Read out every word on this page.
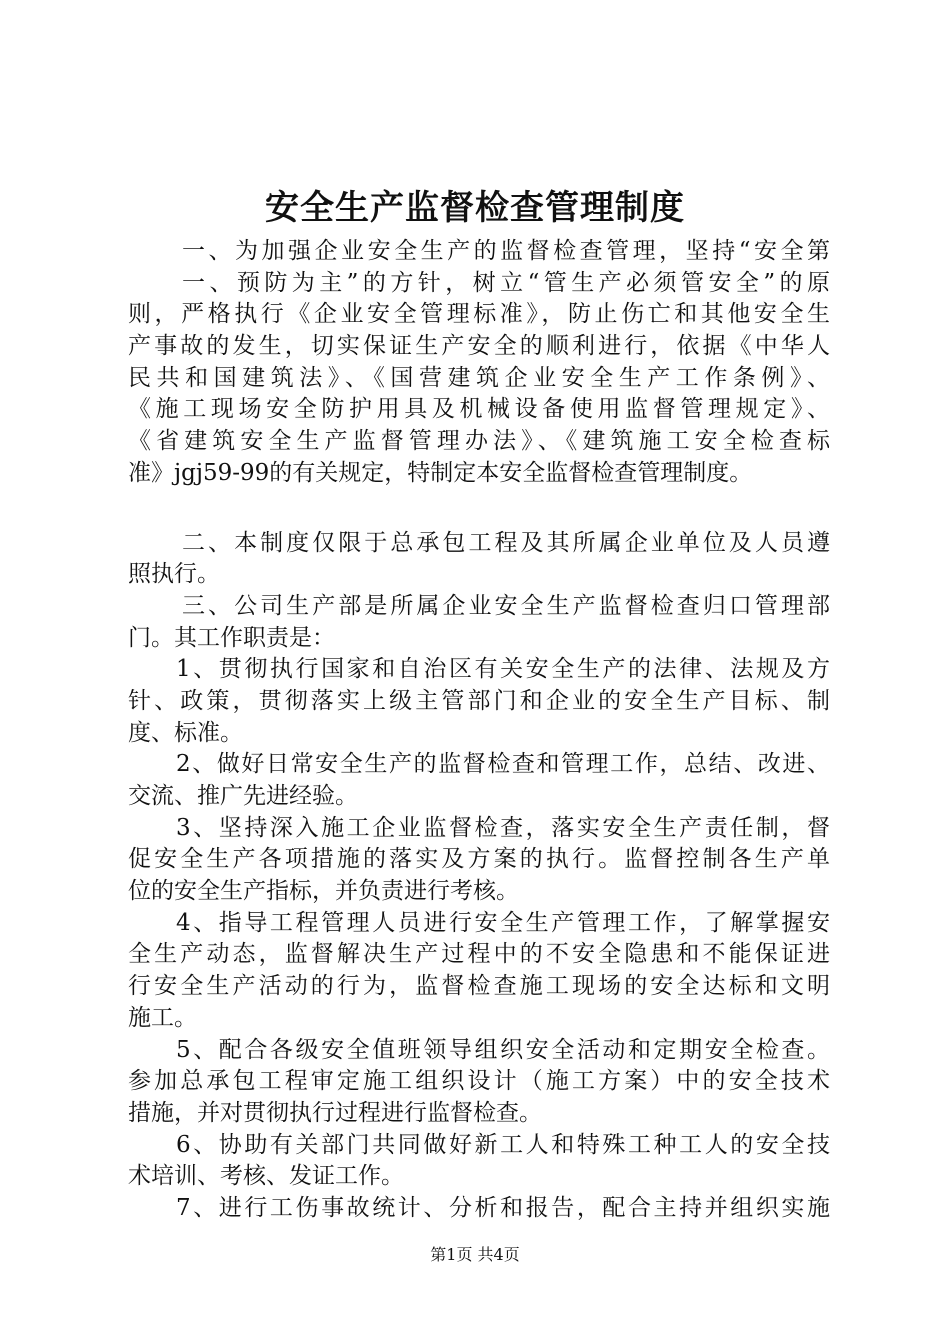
安全生产监督检查管理制度
一、为加强企业安全生产的监督检查管理，坚持“安全第
一、预防为主”的方针，树立“管生产必须管安全”的原
则，严格执行《企业安全管理标准》，防止伤亡和其他安全生
产事故的发生，切实保证生产安全的顺利进行，依据《中华人
民共和国建筑法》、《国营建筑企业安全生产工作条例》、
《施工现场安全防护用具及机械设备使用监督管理规定》、
《省建筑安全生产监督管理办法》、《建筑施工安全检查标
准》jgj59-99的有关规定，特制定本安全监督检查管理制度。
二、本制度仅限于总承包工程及其所属企业单位及人员遵
照执行。
三、公司生产部是所属企业安全生产监督检查归口管理部
门。其工作职责是：
1、贯彻执行国家和自治区有关安全生产的法律、法规及方
针、政策，贯彻落实上级主管部门和企业的安全生产目标、制
度、标准。
2、做好日常安全生产的监督检查和管理工作，总结、改进、
交流、推广先进经验。
3、坚持深入施工企业监督检查，落实安全生产责任制，督
促安全生产各项措施的落实及方案的执行。监督控制各生产单
位的安全生产指标，并负责进行考核。
4、指导工程管理人员进行安全生产管理工作，了解掌握安
全生产动态，监督解决生产过程中的不安全隐患和不能保证进
行安全生产活动的行为，监督检查施工现场的安全达标和文明
施工。
5、配合各级安全值班领导组织安全活动和定期安全检查。
参加总承包工程审定施工组织设计（施工方案）中的安全技术
措施，并对贯彻执行过程进行监督检查。
6、协助有关部门共同做好新工人和特殊工种工人的安全技
术培训、考核、发证工作。
7、进行工伤事故统计、分析和报告，配合主持并组织实施
第1页 共4页
